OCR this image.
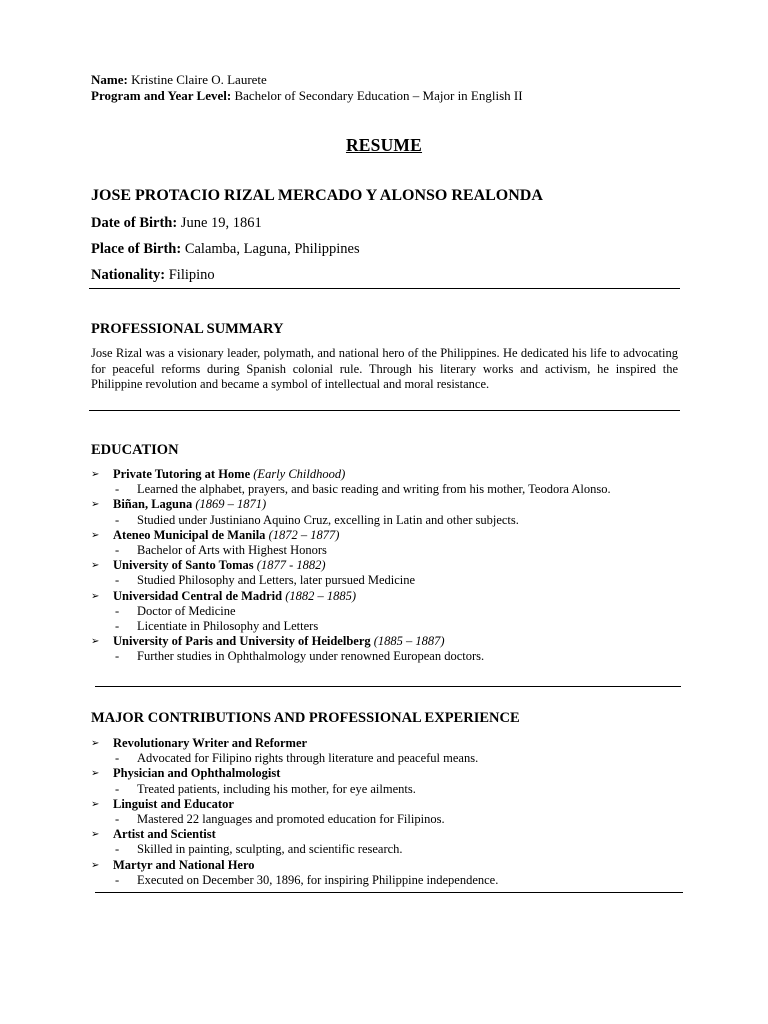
Name: Kristine Claire O. Laurete
Program and Year Level: Bachelor of Secondary Education – Major in English II
RESUME
JOSE PROTACIO RIZAL MERCADO Y ALONSO REALONDA
Date of Birth: June 19, 1861
Place of Birth: Calamba, Laguna, Philippines
Nationality: Filipino
PROFESSIONAL SUMMARY
Jose Rizal was a visionary leader, polymath, and national hero of the Philippines. He dedicated his life to advocating for peaceful reforms during Spanish colonial rule. Through his literary works and activism, he inspired the Philippine revolution and became a symbol of intellectual and moral resistance.
EDUCATION
➢ Private Tutoring at Home (Early Childhood)
- Learned the alphabet, prayers, and basic reading and writing from his mother, Teodora Alonso.
➢ Biñan, Laguna (1869 – 1871)
- Studied under Justiniano Aquino Cruz, excelling in Latin and other subjects.
➢ Ateneo Municipal de Manila (1872 – 1877)
- Bachelor of Arts with Highest Honors
➢ University of Santo Tomas (1877 - 1882)
- Studied Philosophy and Letters, later pursued Medicine
➢ Universidad Central de Madrid (1882 – 1885)
- Doctor of Medicine
- Licentiate in Philosophy and Letters
➢ University of Paris and University of Heidelberg (1885 – 1887)
- Further studies in Ophthalmology under renowned European doctors.
MAJOR CONTRIBUTIONS AND PROFESSIONAL EXPERIENCE
➢ Revolutionary Writer and Reformer
- Advocated for Filipino rights through literature and peaceful means.
➢ Physician and Ophthalmologist
- Treated patients, including his mother, for eye ailments.
➢ Linguist and Educator
- Mastered 22 languages and promoted education for Filipinos.
➢ Artist and Scientist
- Skilled in painting, sculpting, and scientific research.
➢ Martyr and National Hero
- Executed on December 30, 1896, for inspiring Philippine independence.
